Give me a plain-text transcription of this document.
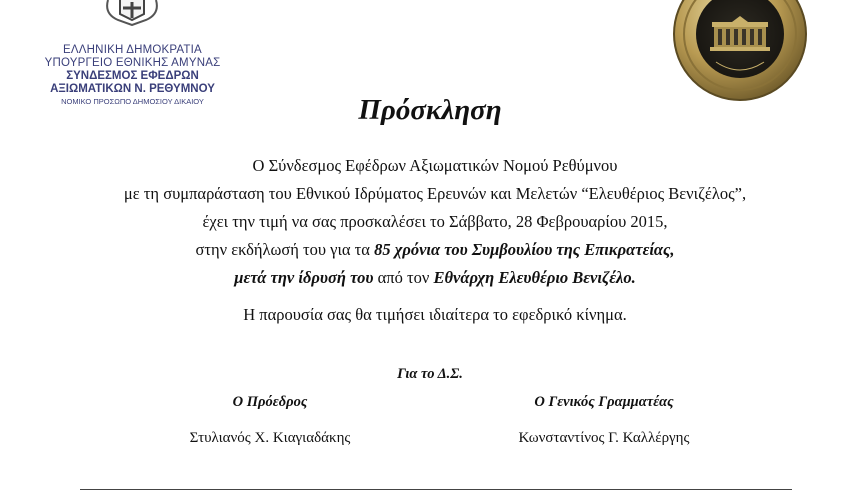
ΕΛΛΗΝΙΚΗ ΔΗΜΟΚΡΑΤΙΑ
ΥΠΟΥΡΓΕΙΟ ΕΘΝΙΚΗΣ ΑΜΥΝΑΣ
ΣΥΝΔΕΣΜΟΣ ΕΦΕΔΡΩΝ
ΑΞΙΩΜΑΤΙΚΩΝ Ν. ΡΕΘΥΜΝΟΥ
ΝΟΜΙΚΟ ΠΡΟΣΩΠΟ ΔΗΜΟΣΙΟΥ ΔΙΚΑΙΟΥ	Πρόσκληση

Ο Σύνδεσμος Εφέδρων Αξιωματικών Νομού Ρεθύμνου

με τη συμπαράσταση του Εθνικού Ιδρύματος Ερευνών και Μελετών “Ελευθέριος Βενιζέλος”,

έχει την τιμή να σας προσκαλέσει το Σάββατο, 28 Φεβρουαρίου 2015,

στην εκδήλωσή του για τα 85 χρόνια του Συμβουλίου της Επικρατείας,

μετά την ίδρυσή του από τον Εθνάρχη Ελευθέριο Βενιζέλο.

Η παρουσία σας θα τιμήσει ιδιαίτερα το εφεδρικό κίνημα.

Για το Δ.Σ.
Ο Πρόεδρος	Ο Γενικός Γραμματέας
Στυλιανός Χ. Κιαγιαδάκης	Κωνσταντίνος Γ. Καλλέργης
